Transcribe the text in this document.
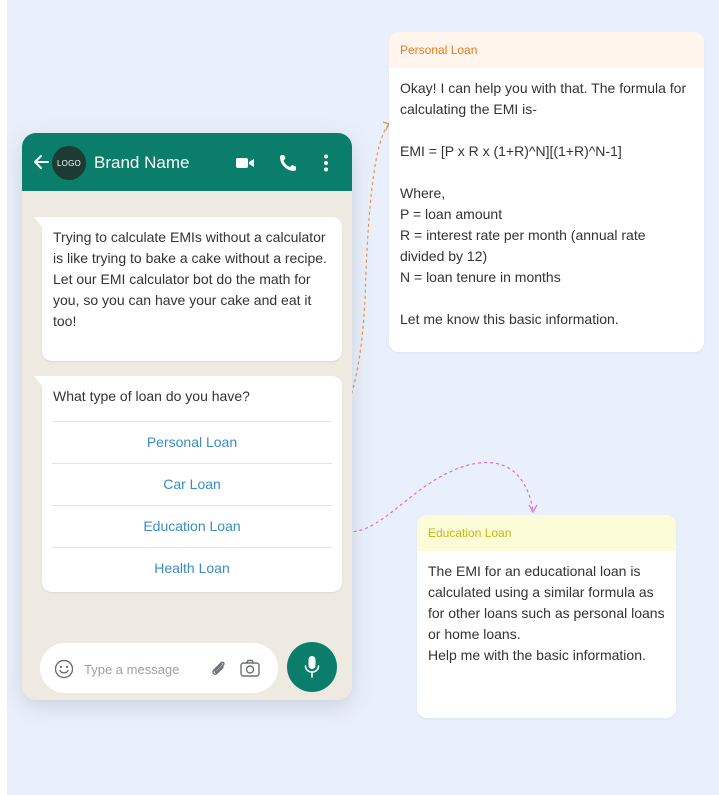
LOGO Brand Name

Trying to calculate EMIs without a calculator is like trying to bake a cake without a recipe. Let our EMI calculator bot do the math for you, so you can have your cake and eat it too!

What type of loan do you have?
Personal Loan
Car Loan
Education Loan
Health Loan
Type a message
Personal Loan

Okay! I can help you with that. The formula for calculating the EMI is-

EMI = [P x R x (1+R)^N][(1+R)^N-1]

Where,

P = loan amount

R = interest rate per month (annual rate divided by 12)

N = loan tenure in months

Let me know this basic information.

Education Loan

The EMI for an educational loan is calculated using a similar formula as for other loans such as personal loans or home loans.

Help me with the basic information.
